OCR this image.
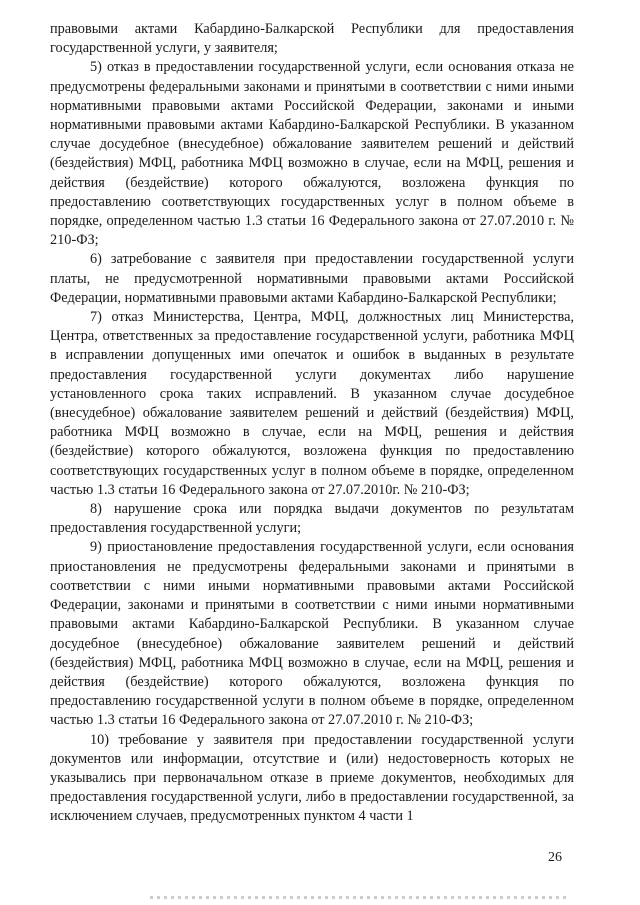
правовыми актами Кабардино-Балкарской Республики для предоставления государственной услуги, у заявителя;

5) отказ в предоставлении государственной услуги, если основания отказа не предусмотрены федеральными законами и принятыми в соответствии с ними иными нормативными правовыми актами Российской Федерации, законами и иными нормативными правовыми актами Кабардино-Балкарской Республики. В указанном случае досудебное (внесудебное) обжалование заявителем решений и действий (бездействия) МФЦ, работника МФЦ возможно в случае, если на МФЦ, решения и действия (бездействие) которого обжалуются, возложена функция по предоставлению соответствующих государственных услуг в полном объеме в порядке, определенном частью 1.3 статьи 16 Федерального закона от 27.07.2010 г. № 210-ФЗ;

6) затребование с заявителя при предоставлении государственной услуги платы, не предусмотренной нормативными правовыми актами Российской Федерации, нормативными правовыми актами Кабардино-Балкарской Республики;

7) отказ Министерства, Центра, МФЦ, должностных лиц Министерства, Центра, ответственных за предоставление государственной услуги, работника МФЦ в исправлении допущенных ими опечаток и ошибок в выданных в результате предоставления государственной услуги документах либо нарушение установленного срока таких исправлений. В указанном случае досудебное (внесудебное) обжалование заявителем решений и действий (бездействия) МФЦ, работника МФЦ возможно в случае, если на МФЦ, решения и действия (бездействие) которого обжалуются, возложена функция по предоставлению соответствующих государственных услуг в полном объеме в порядке, определенном частью 1.3 статьи 16 Федерального закона от 27.07.2010г. № 210-ФЗ;

8) нарушение срока или порядка выдачи документов по результатам предоставления государственной услуги;

9) приостановление предоставления государственной услуги, если основания приостановления не предусмотрены федеральными законами и принятыми в соответствии с ними иными нормативными правовыми актами Российской Федерации, законами и принятыми в соответствии с ними иными нормативными правовыми актами Кабардино-Балкарской Республики. В указанном случае досудебное (внесудебное) обжалование заявителем решений и действий (бездействия) МФЦ, работника МФЦ возможно в случае, если на МФЦ, решения и действия (бездействие) которого обжалуются, возложена функция по предоставлению государственной услуги в полном объеме в порядке, определенном частью 1.3 статьи 16 Федерального закона от 27.07.2010 г. № 210-ФЗ;

10) требование у заявителя при предоставлении государственной услуги документов или информации, отсутствие и (или) недостоверность которых не указывались при первоначальном отказе в приеме документов, необходимых для предоставления государственной услуги, либо в предоставлении государственной, за исключением случаев, предусмотренных пунктом 4 части 1

26
